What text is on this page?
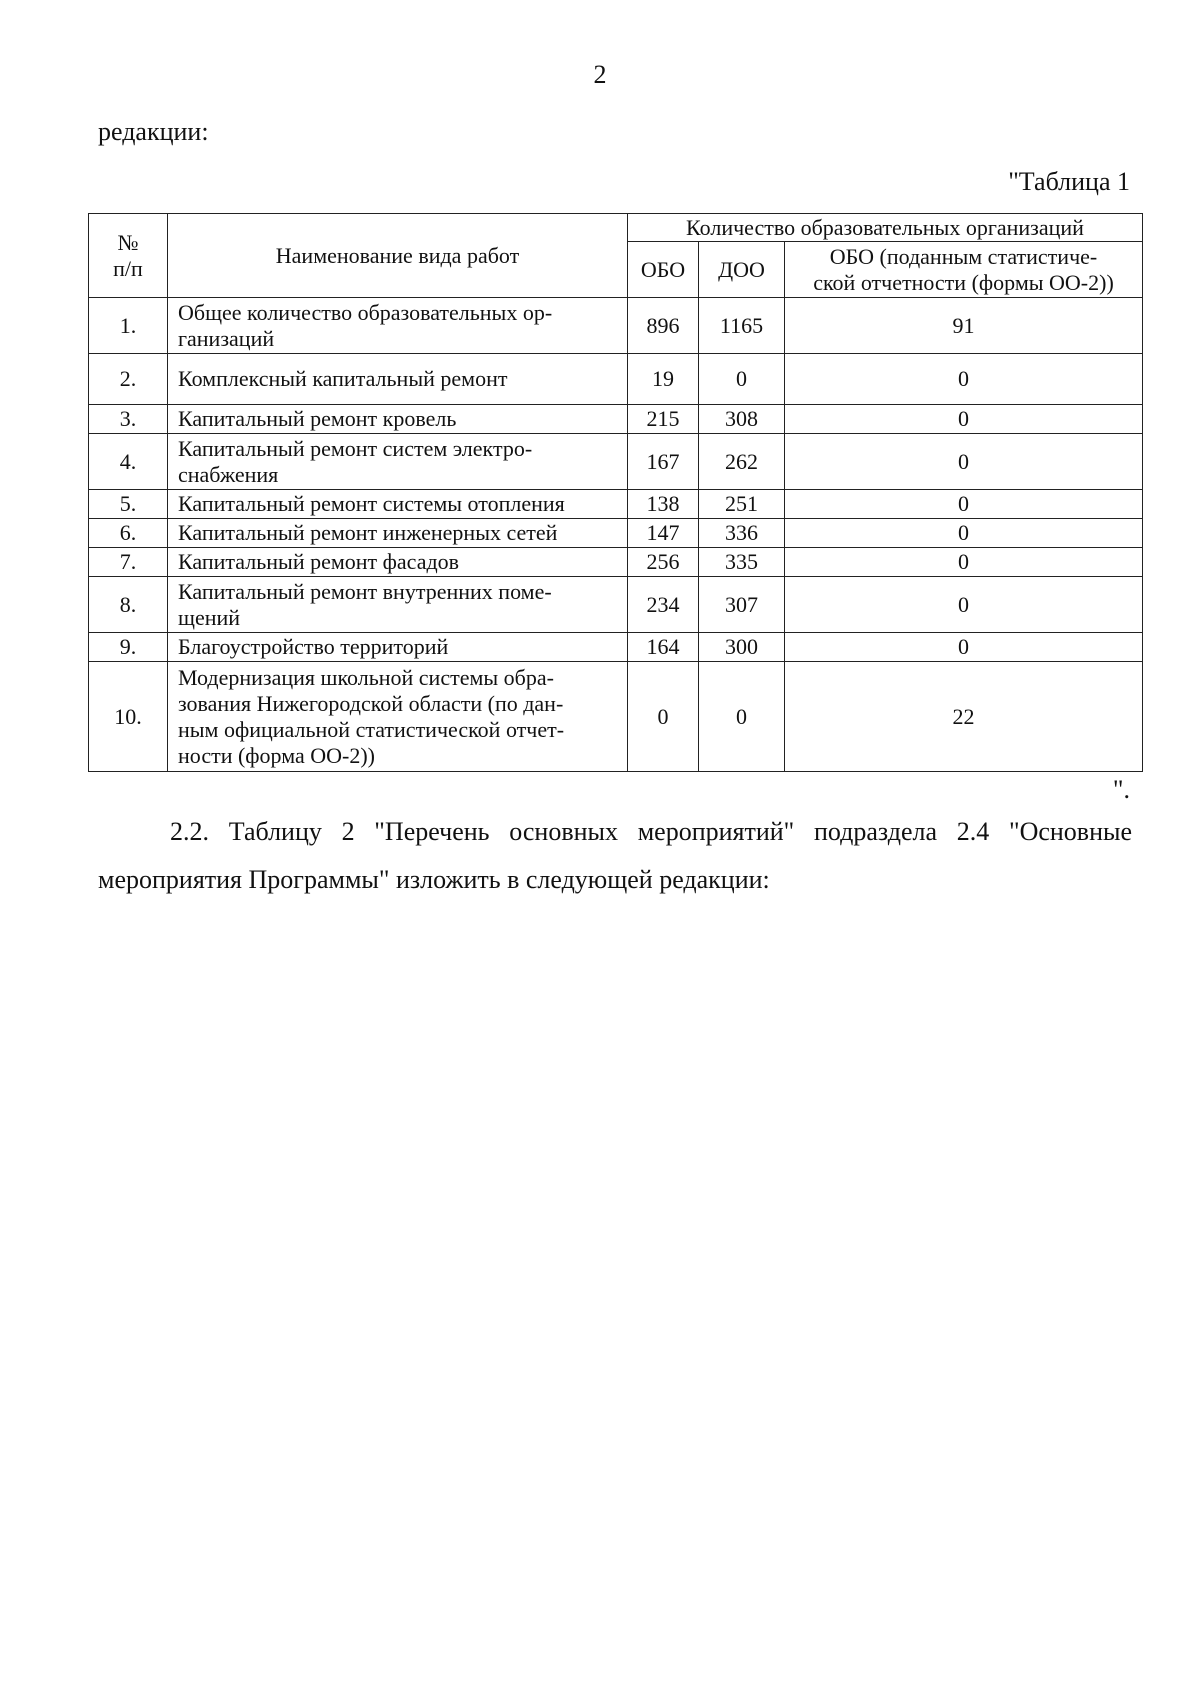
2
редакции:
"Таблица 1
№
п/п	Наименование вида работ	Количество образовательных организаций		
		ОБО	ДОО	ОБО (поданным статистиче-
ской отчетности (формы ОО-2))
1.	Общее количество образовательных ор-
ганизаций	896	1165	91
2.	Комплексный капитальный ремонт	19	0	0
3.	Капитальный ремонт кровель	215	308	0
4.	Капитальный ремонт систем электро-
снабжения	167	262	0
5.	Капитальный ремонт системы отопления	138	251	0
6.	Капитальный ремонт инженерных сетей	147	336	0
7.	Капитальный ремонт фасадов	256	335	0
8.	Капитальный ремонт внутренних поме-
щений	234	307	0
9.	Благоустройство территорий	164	300	0
10.	Модернизация школьной системы обра-
зования Нижегородской области (по дан-
ным официальной статистической отчет-
ности (форма ОО-2))	0	0	22
".
2.2. Таблицу 2 "Перечень основных мероприятий" подраздела 2.4 "Основные мероприятия Программы" изложить в следующей редакции:
